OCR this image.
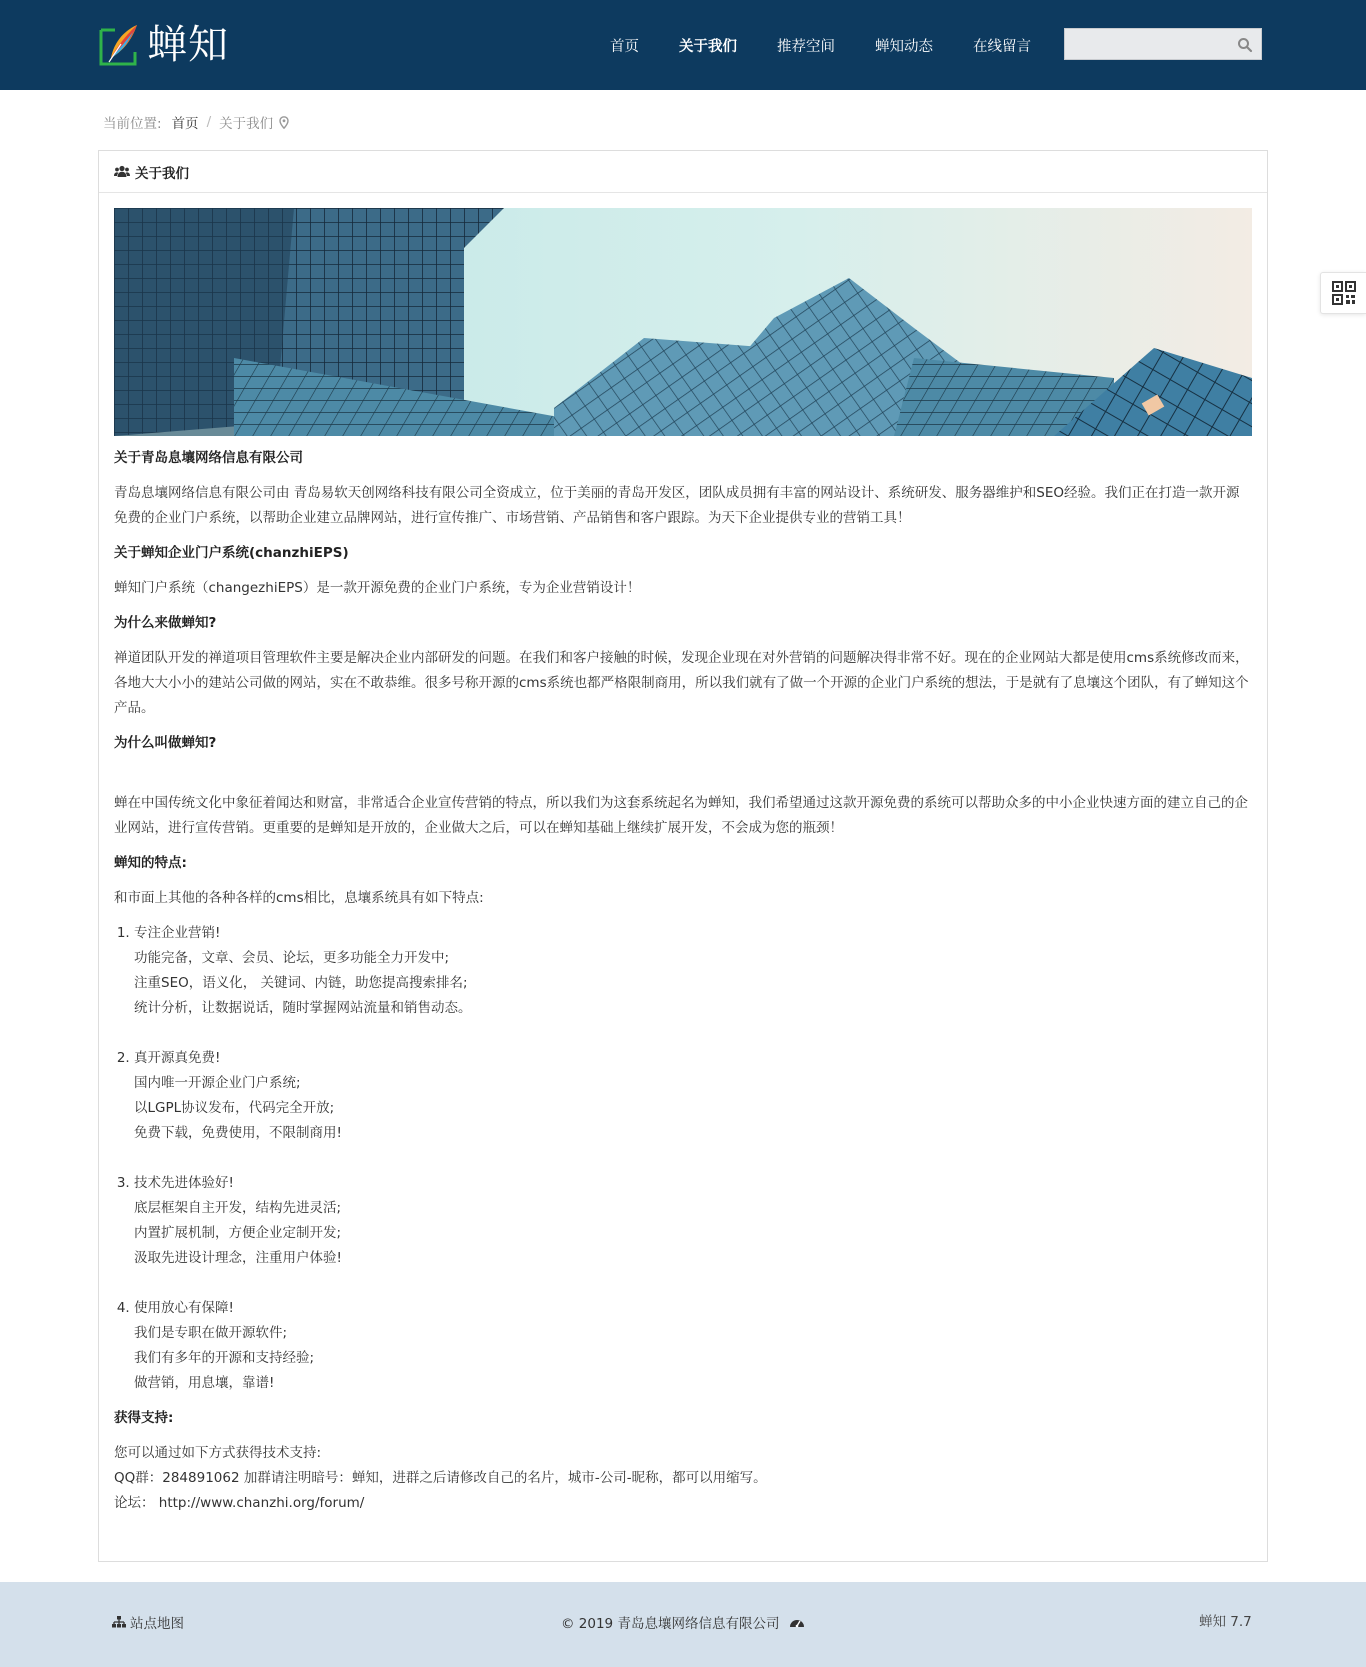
蝉知	首页	关于我们	推荐空间	蝉知动态	在线留言
当前位置: 首页 / 关于我们
关于我们
关于青岛息壤网络信息有限公司

青岛息壤网络信息有限公司由 青岛易软天创网络科技有限公司全资成立，位于美丽的青岛开发区，团队成员拥有丰富的网站设计、系统研发、服务器维护和SEO经验。我们正在打造一款开源免费的企业门户系统，以帮助企业建立品牌网站，进行宣传推广、市场营销、产品销售和客户跟踪。为天下企业提供专业的营销工具！

关于蝉知企业门户系统(chanzhiEPS)

蝉知门户系统（changezhiEPS）是一款开源免费的企业门户系统，专为企业营销设计！

为什么来做蝉知?

禅道团队开发的禅道项目管理软件主要是解决企业内部研发的问题。在我们和客户接触的时候，发现企业现在对外营销的问题解决得非常不好。现在的企业网站大都是使用cms系统修改而来，各地大大小小的建站公司做的网站，实在不敢恭维。很多号称开源的cms系统也都严格限制商用，所以我们就有了做一个开源的企业门户系统的想法，于是就有了息壤这个团队，有了蝉知这个产品。

为什么叫做蝉知?

蝉在中国传统文化中象征着闻达和财富，非常适合企业宣传营销的特点，所以我们为这套系统起名为蝉知，我们希望通过这款开源免费的系统可以帮助众多的中小企业快速方面的建立自己的企业网站，进行宣传营销。更重要的是蝉知是开放的，企业做大之后，可以在蝉知基础上继续扩展开发，不会成为您的瓶颈！

蝉知的特点:

和市面上其他的各种各样的cms相比，息壤系统具有如下特点:

1. 专注企业营销!
功能完备，文章、会员、论坛，更多功能全力开发中;
注重SEO，语义化， 关键词、内链，助您提高搜索排名;
统计分析，让数据说话，随时掌握网站流量和销售动态。
2. 真开源真免费!
国内唯一开源企业门户系统;
以LGPL协议发布，代码完全开放;
免费下载，免费使用，不限制商用!
3. 技术先进体验好!
底层框架自主开发，结构先进灵活;
内置扩展机制，方便企业定制开发;
汲取先进设计理念，注重用户体验!
4. 使用放心有保障!
我们是专职在做开源软件;
我们有多年的开源和支持经验;
做营销，用息壤，靠谱!
获得支持:
您可以通过如下方式获得技术支持:
QQ群：284891062 加群请注明暗号：蝉知，进群之后请修改自己的名片，城市-公司-昵称，都可以用缩写。
论坛： http://www.chanzhi.org/forum/
站点地图	© 2019 青岛息壤网络信息有限公司	蝉知 7.7
